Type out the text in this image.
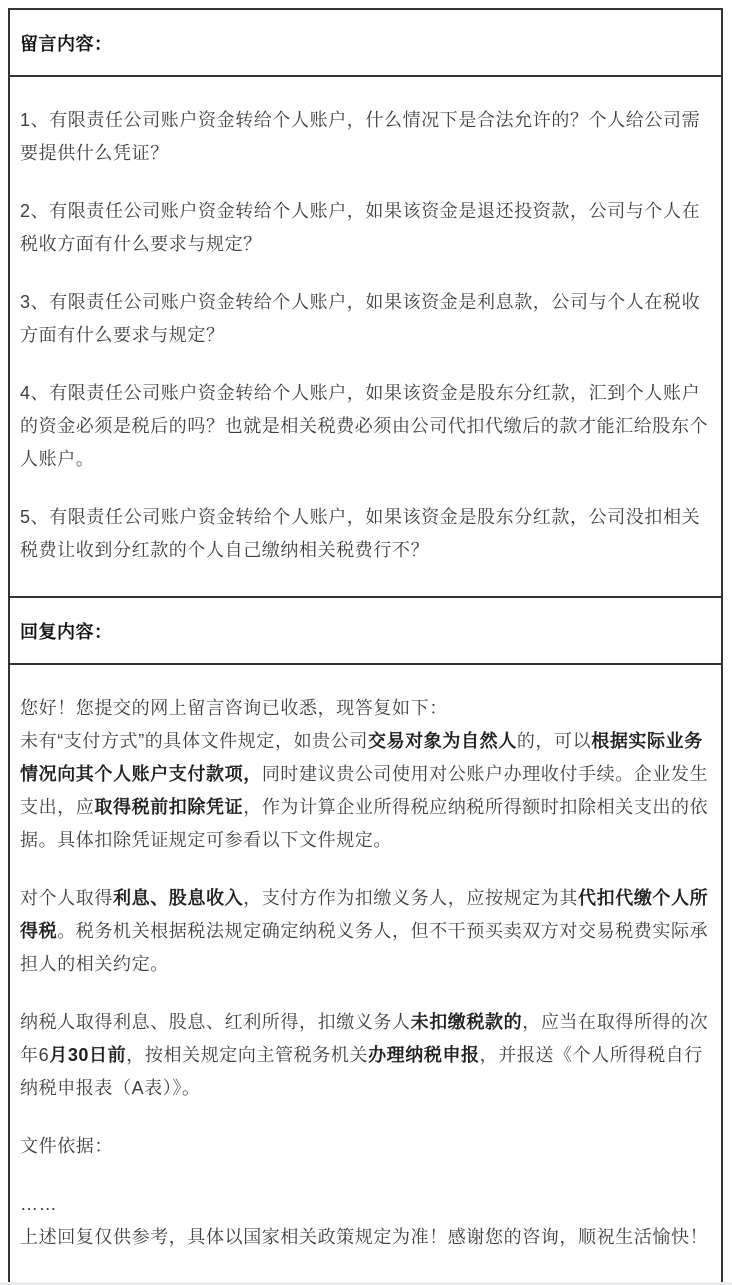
留言内容：

1、有限责任公司账户资金转给个人账户，什么情况下是合法允许的？个人给公司需要提供什么凭证？

2、有限责任公司账户资金转给个人账户，如果该资金是退还投资款，公司与个人在税收方面有什么要求与规定？

3、有限责任公司账户资金转给个人账户，如果该资金是利息款，公司与个人在税收方面有什么要求与规定？

4、有限责任公司账户资金转给个人账户，如果该资金是股东分红款，汇到个人账户的资金必须是税后的吗？也就是相关税费必须由公司代扣代缴后的款才能汇给股东个人账户。

5、有限责任公司账户资金转给个人账户，如果该资金是股东分红款，公司没扣相关税费让收到分红款的个人自己缴纳相关税费行不？

回复内容：

您好！您提交的网上留言咨询已收悉，现答复如下：
未有“支付方式”的具体文件规定，如贵公司交易对象为自然人的，可以根据实际业务情况向其个人账户支付款项，同时建议贵公司使用对公账户办理收付手续。企业发生支出，应取得税前扣除凭证，作为计算企业所得税应纳税所得额时扣除相关支出的依据。具体扣除凭证规定可参看以下文件规定。

对个人取得利息、股息收入，支付方作为扣缴义务人，应按规定为其代扣代缴个人所得税。税务机关根据税法规定确定纳税义务人，但不干预买卖双方对交易税费实际承担人的相关约定。

纳税人取得利息、股息、红利所得，扣缴义务人未扣缴税款的，应当在取得所得的次年6月30日前，按相关规定向主管税务机关办理纳税申报，并报送《个人所得税自行纳税申报表（A表）》。

文件依据：

……
上述回复仅供参考，具体以国家相关政策规定为准！感谢您的咨询，顺祝生活愉快！
